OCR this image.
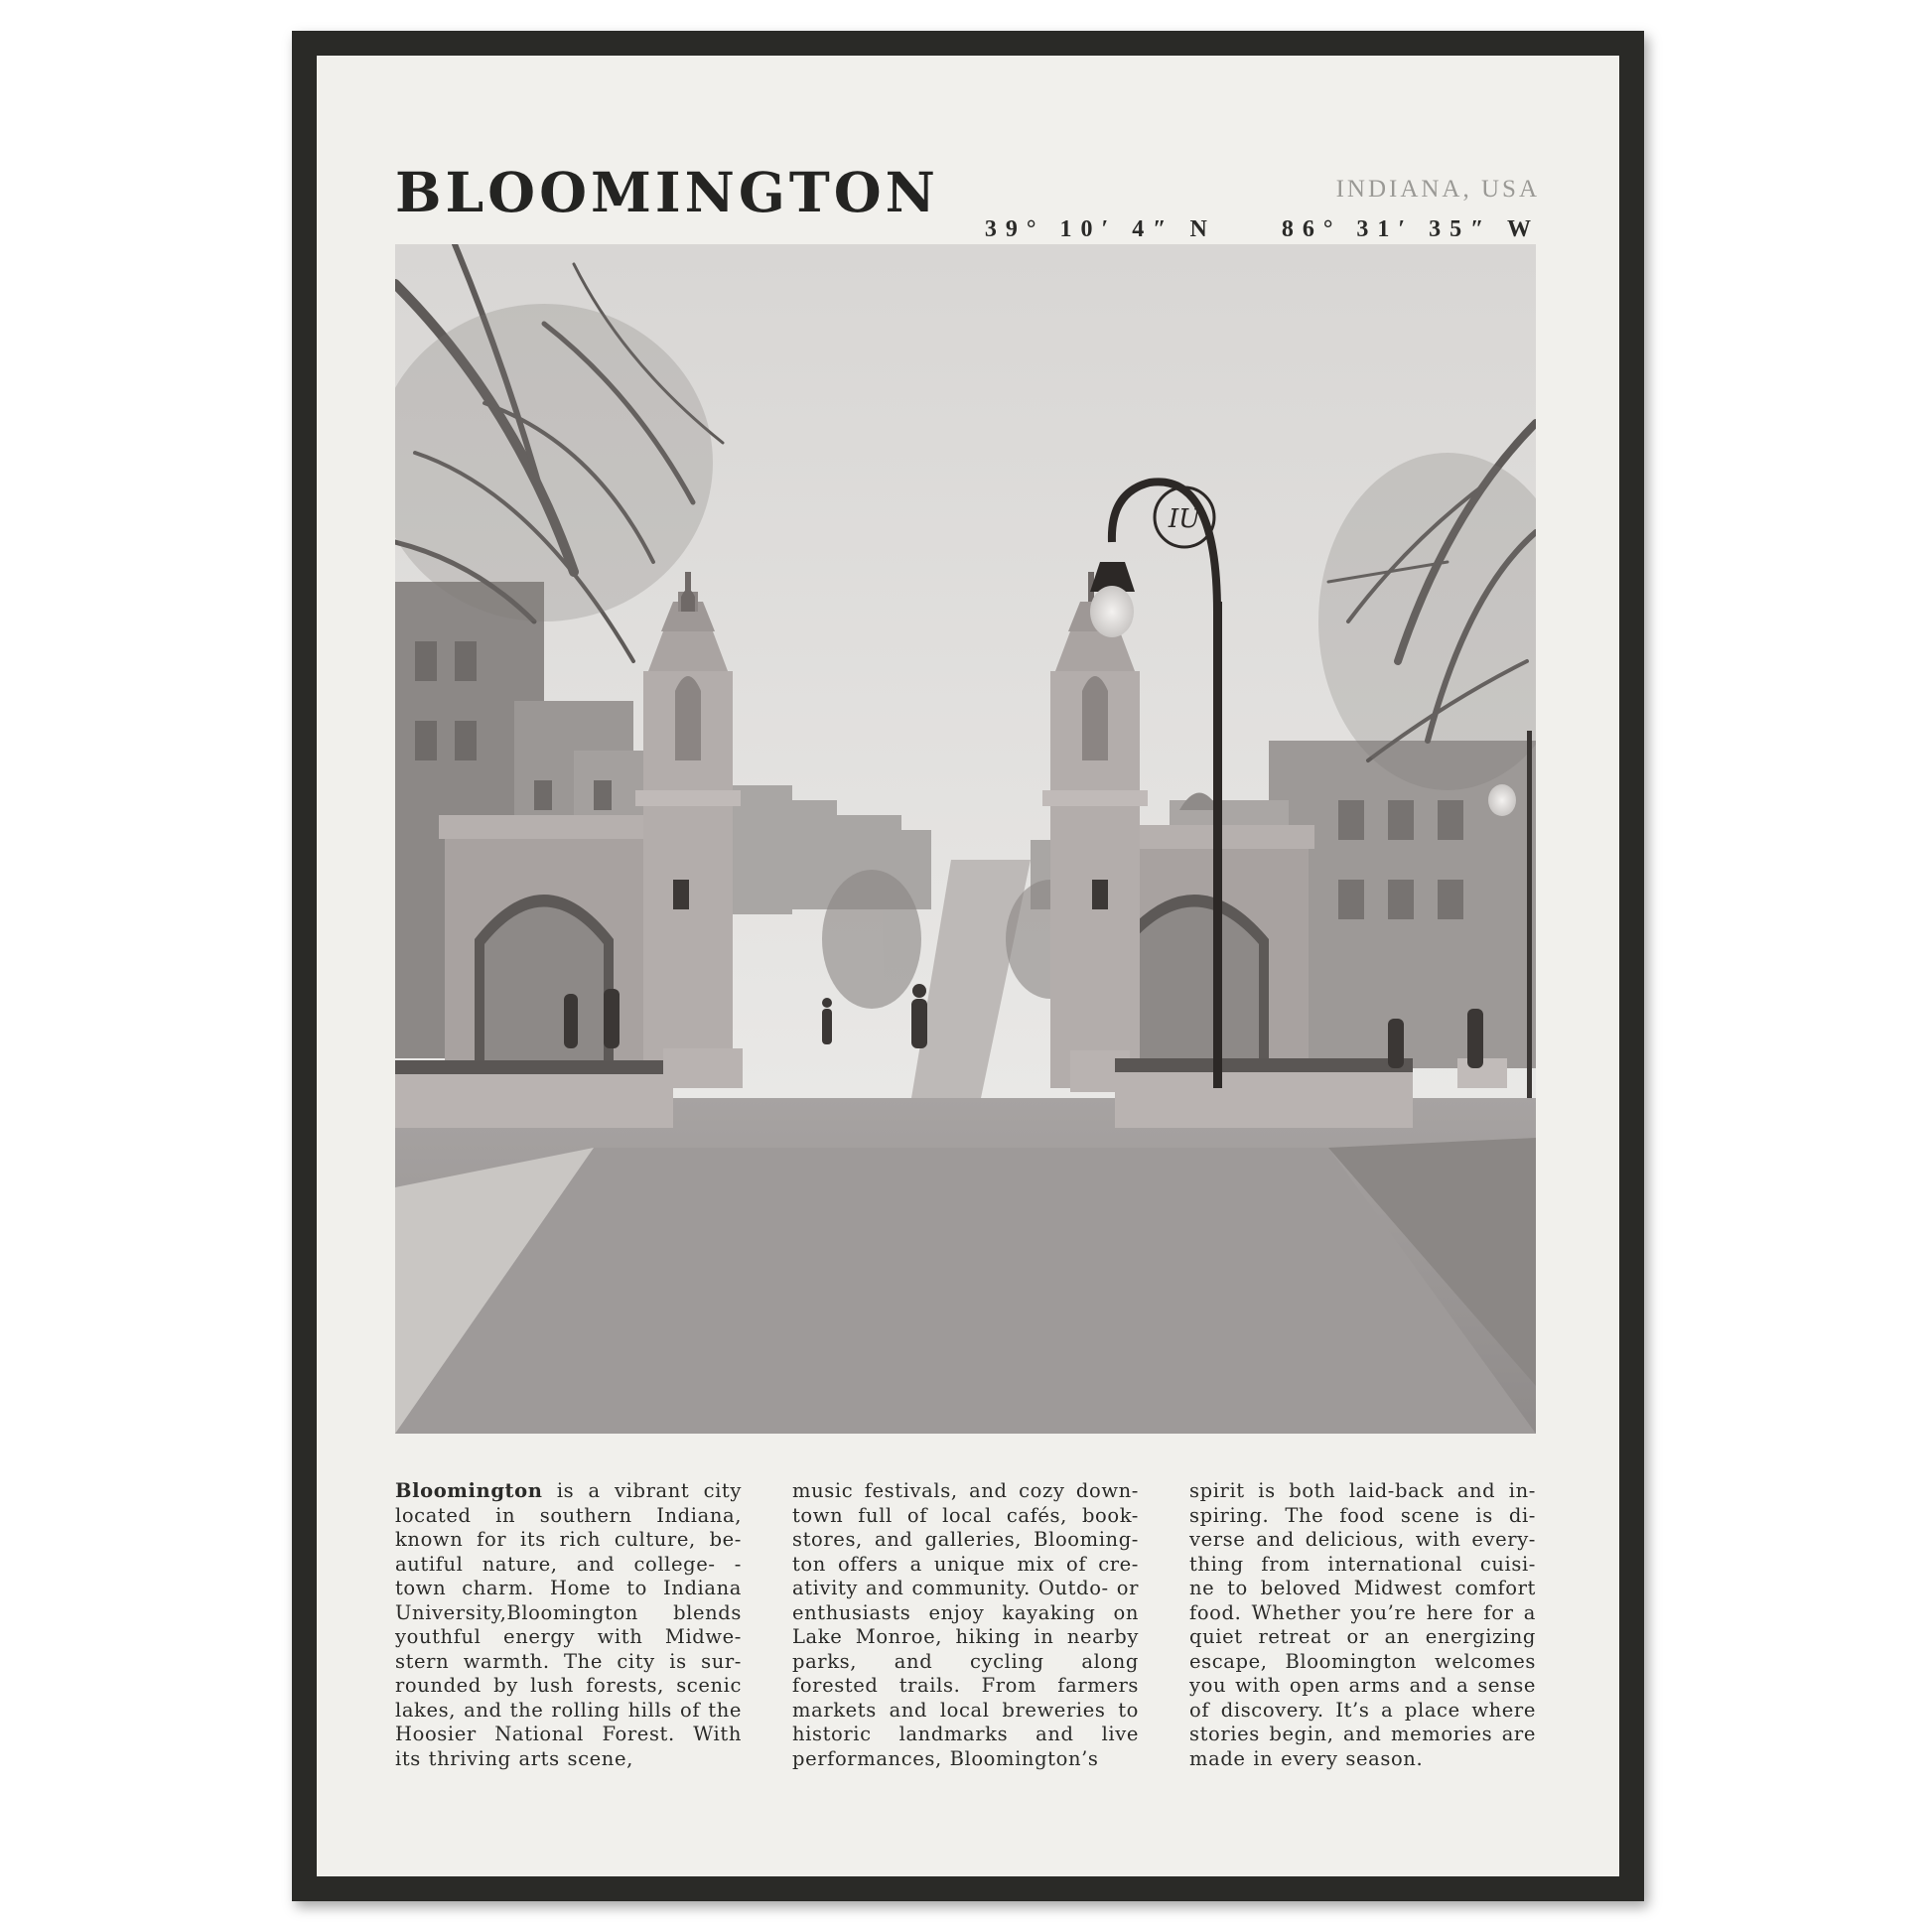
BLOOMINGTON	INDIANA, USA
39° 10′ 4″ N	86° 31′ 35″ W
IU

Bloomington is a vibrant city located in southern Indiana, known for its rich culture, be- autiful nature, and college- -town charm. Home to Indiana University,Bloomington blends youthful energy with Midwe- stern warmth. The city is sur- rounded by lush forests, scenic lakes, and the rolling hills of the Hoosier National Forest. With its thriving arts scene,

music festivals, and cozy down- town full of local cafés, book- stores, and galleries, Blooming- ton offers a unique mix of cre- ativity and community. Outdo- or enthusiasts enjoy kayaking on Lake Monroe, hiking in nearby parks, and cycling along forested trails. From farmers markets and local breweries to historic landmarks and live performances, Bloomington’s

spirit is both laid-back and in- spiring. The food scene is di- verse and delicious, with every- thing from international cuisi- ne to beloved Midwest comfort food. Whether you’re here for a quiet retreat or an energizing escape, Bloomington welcomes you with open arms and a sense of discovery. It’s a place where stories begin, and memories are made in every season.
